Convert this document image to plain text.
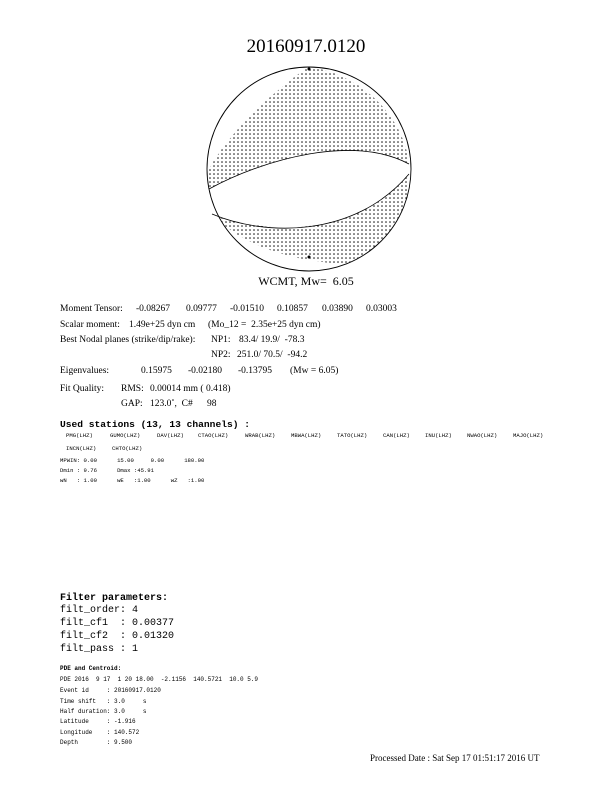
20160917.0120
WCMT, Mw=  6.05
Moment Tensor: -0.08267 0.09777 -0.01510 0.10857 0.03890 0.03003
Scalar moment: 1.49e+25 dyn cm (Mo_12 =  2.35e+25 dyn cm)
Best Nodal planes (strike/dip/rake): NP1: 83.4/ 19.9/  -78.3
NP2: 251.0/ 70.5/  -94.2
Eigenvalues:	0.15975 -0.02180 -0.13795 (Mw = 6.05)
Fit Quality: RMS: 0.00014 mm ( 0.418)
GAP: 123.0˚,  C# 98
Used stations (13, 13 channels) :
PMG(LHZ)	GUMO(LHZ)	DAV(LHZ)	CTAO(LHZ)	WRAB(LHZ)	MBWA(LHZ)	TATO(LHZ)	CAN(LHZ)	INU(LHZ)	NWAO(LHZ)	MAJO(LHZ)
INCN(LHZ)	CHTO(LHZ)
MPWIN: 0.00      15.00     0.00      180.00
Dmin : 9.76      Dmax :45.91
wN   : 1.00      wE   :1.00      wZ   :1.00
Filter parameters:
filt_order: 4
filt_cf1  : 0.00377
filt_cf2  : 0.01320
filt_pass : 1
PDE and Centroid:
PDE 2016  9 17  1 20 18.00  -2.1156  140.5721  10.0 5.9
Event id     : 20160917.0120
Time shift   : 3.0     s
Half duration: 3.0     s
Latitude     : -1.916
Longitude    : 140.572
Depth        : 9.500
Processed Date : Sat Sep 17 01:51:17 2016 UT
